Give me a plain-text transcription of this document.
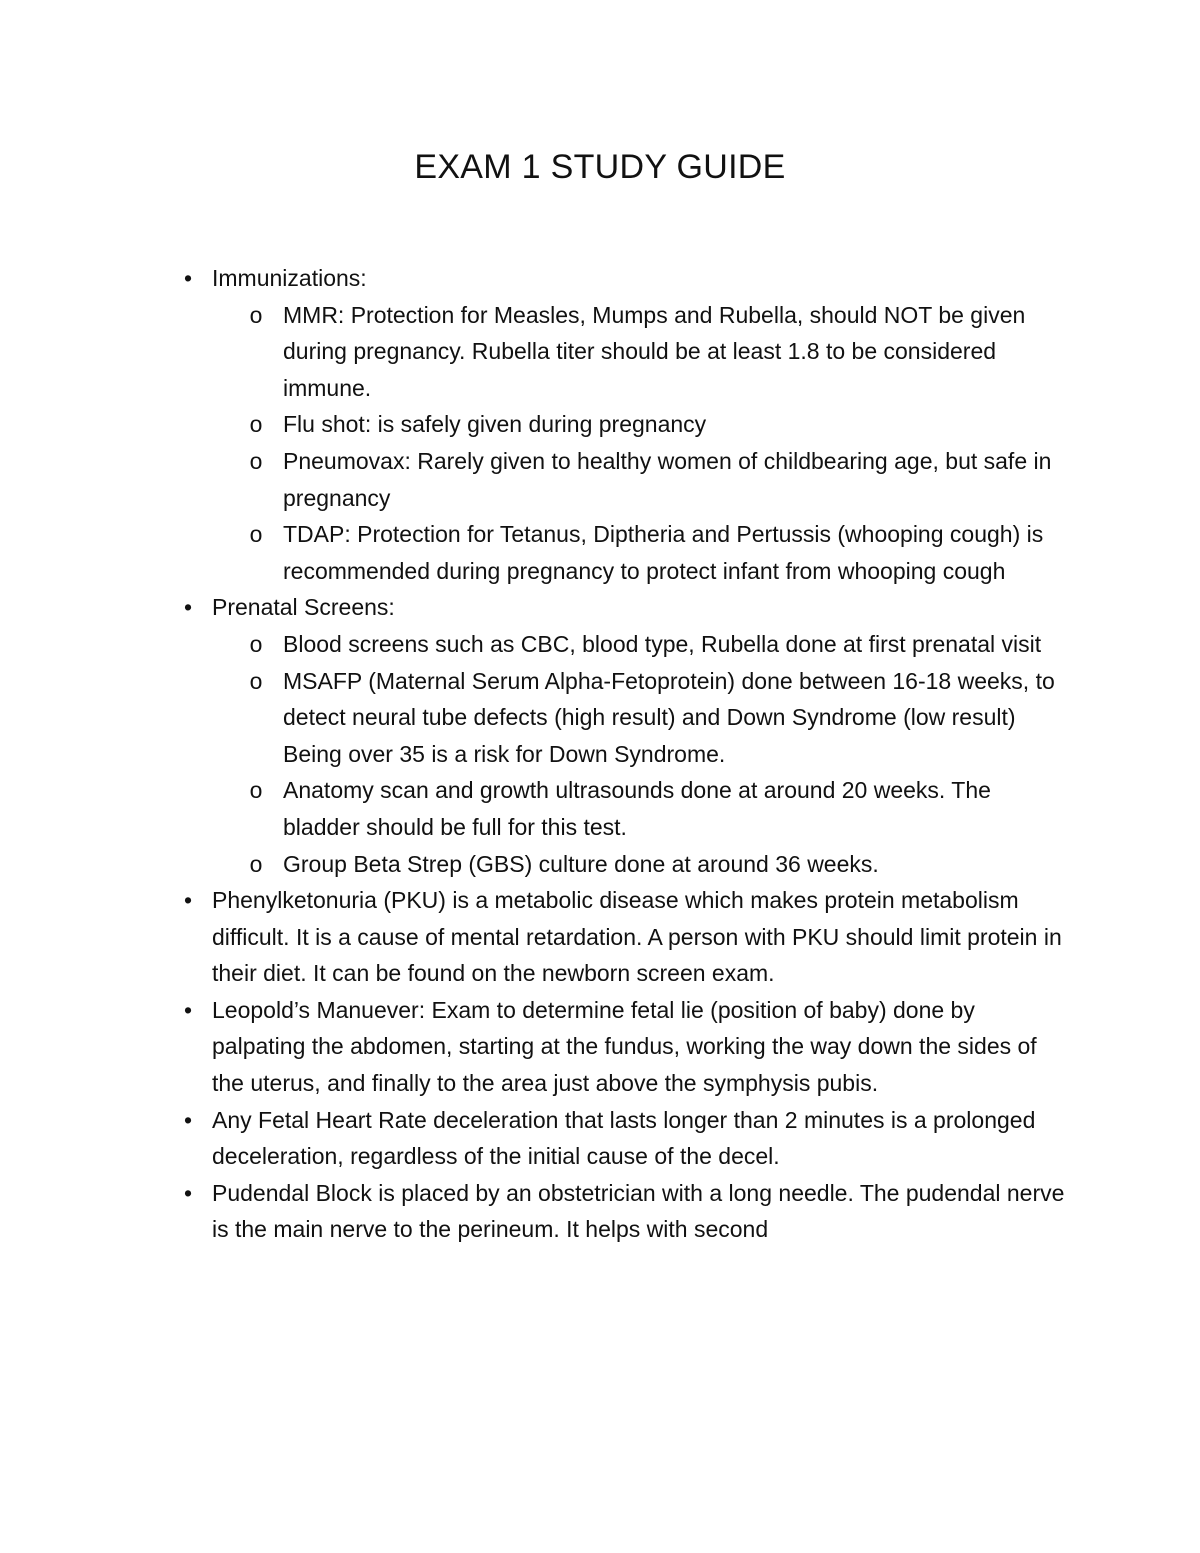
EXAM 1 STUDY GUIDE
• Immunizations:
o MMR: Protection for Measles, Mumps and Rubella, should NOT be given during pregnancy. Rubella titer should be at least 1.8 to be considered immune.
o Flu shot: is safely given during pregnancy
o Pneumovax: Rarely given to healthy women of childbearing age, but safe in pregnancy
o TDAP: Protection for Tetanus, Diptheria and Pertussis (whooping cough) is recommended during pregnancy to protect infant from whooping cough
• Prenatal Screens:
o Blood screens such as CBC, blood type, Rubella done at first prenatal visit
o MSAFP (Maternal Serum Alpha-Fetoprotein) done between 16-18 weeks, to detect neural tube defects (high result) and Down Syndrome (low result) Being over 35 is a risk for Down Syndrome.
o Anatomy scan and growth ultrasounds done at around 20 weeks. The bladder should be full for this test.
o Group Beta Strep (GBS) culture done at around 36 weeks.
• Phenylketonuria (PKU) is a metabolic disease which makes protein metabolism difficult. It is a cause of mental retardation. A person with PKU should limit protein in their diet. It can be found on the newborn screen exam.
• Leopold’s Manuever: Exam to determine fetal lie (position of baby) done by palpating the abdomen, starting at the fundus, working the way down the sides of the uterus, and finally to the area just above the symphysis pubis.
• Any Fetal Heart Rate deceleration that lasts longer than 2 minutes is a prolonged deceleration, regardless of the initial cause of the decel.
• Pudendal Block is placed by an obstetrician with a long needle. The pudendal nerve is the main nerve to the perineum. It helps with second
